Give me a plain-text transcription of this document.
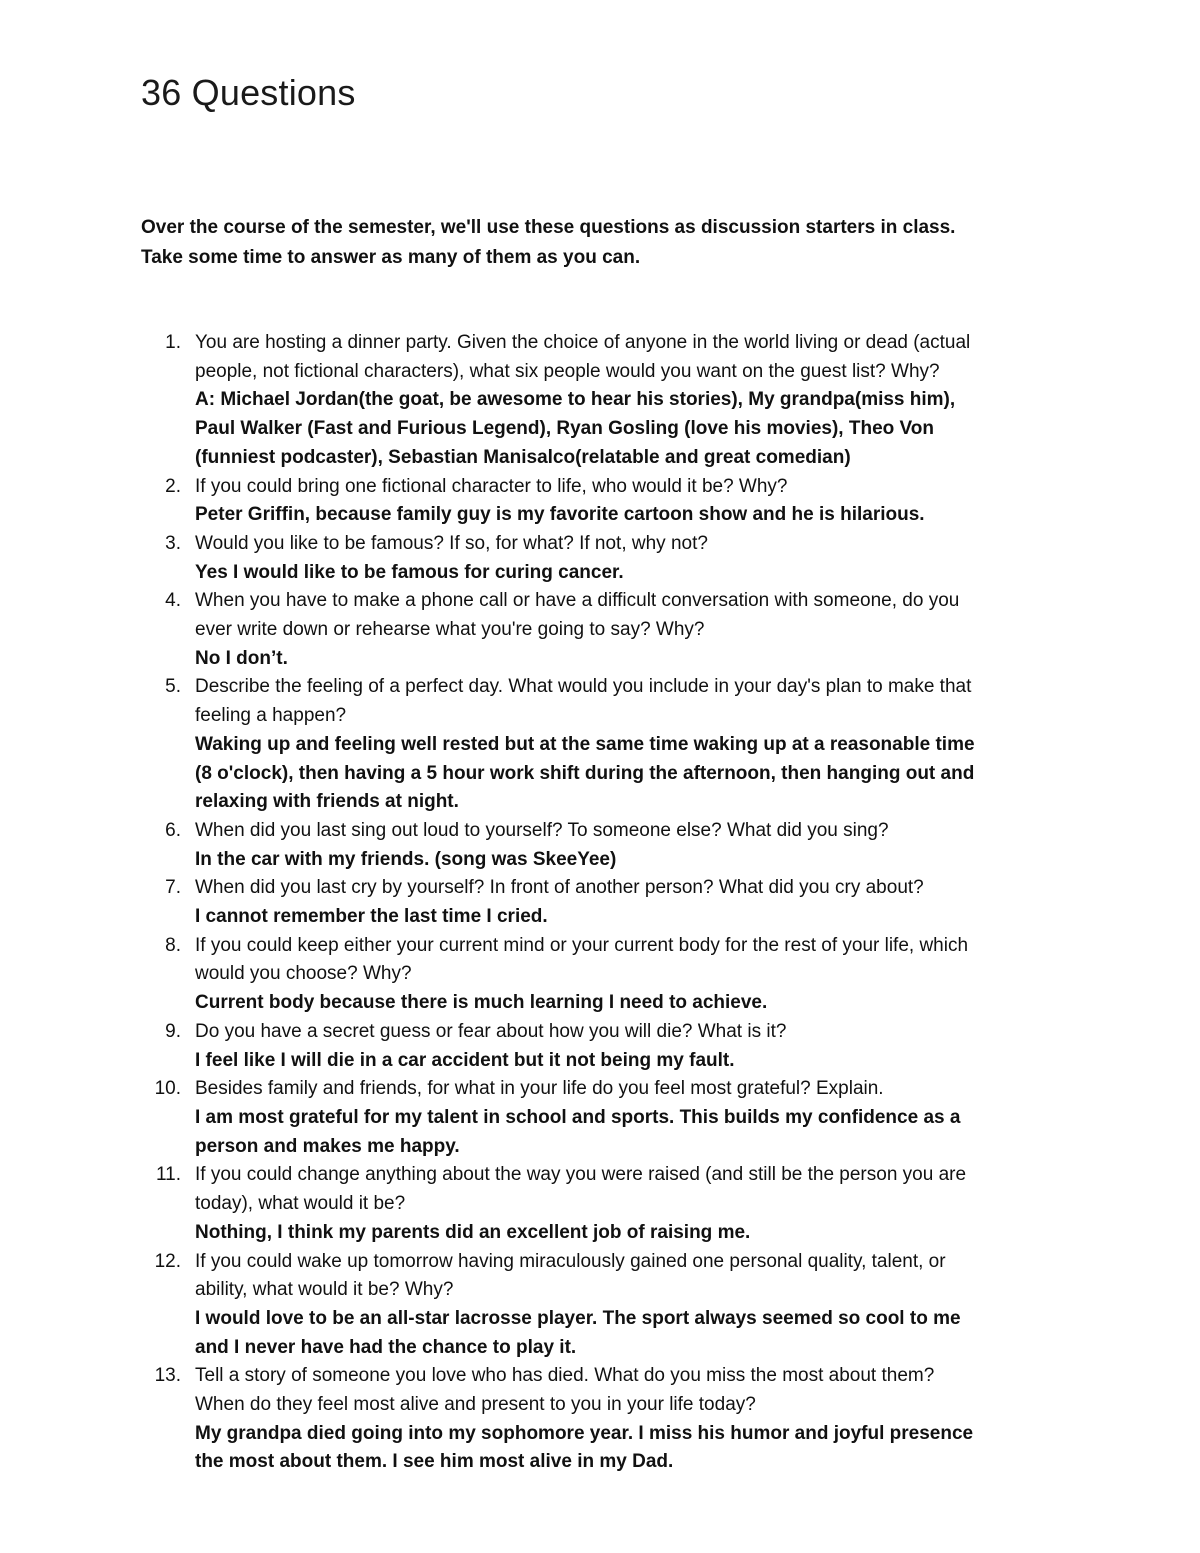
36 Questions

Over the course of the semester, we'll use these questions as discussion starters in class.

Take some time to answer as many of them as you can.

1. You are hosting a dinner party. Given the choice of anyone in the world living or dead (actual
people, not fictional characters), what six people would you want on the guest list? Why?
A: Michael Jordan(the goat, be awesome to hear his stories), My grandpa(miss him),
Paul Walker (Fast and Furious Legend), Ryan Gosling (love his movies), Theo Von
(funniest podcaster), Sebastian Manisalco(relatable and great comedian)
2. If you could bring one fictional character to life, who would it be? Why?
Peter Griffin, because family guy is my favorite cartoon show and he is hilarious.
3. Would you like to be famous? If so, for what? If not, why not?
Yes I would like to be famous for curing cancer.
4. When you have to make a phone call or have a difficult conversation with someone, do you
ever write down or rehearse what you're going to say? Why?
No I don’t.
5. Describe the feeling of a perfect day. What would you include in your day's plan to make that
feeling a happen?
Waking up and feeling well rested but at the same time waking up at a reasonable time
(8 o'clock), then having a 5 hour work shift during the afternoon, then hanging out and
relaxing with friends at night.
6. When did you last sing out loud to yourself? To someone else? What did you sing?
In the car with my friends. (song was SkeeYee)
7. When did you last cry by yourself? In front of another person? What did you cry about?
I cannot remember the last time I cried.
8. If you could keep either your current mind or your current body for the rest of your life, which
would you choose? Why?
Current body because there is much learning I need to achieve.
9. Do you have a secret guess or fear about how you will die? What is it?
I feel like I will die in a car accident but it not being my fault.
10. Besides family and friends, for what in your life do you feel most grateful? Explain.
I am most grateful for my talent in school and sports. This builds my confidence as a
person and makes me happy.
11. If you could change anything about the way you were raised (and still be the person you are
today), what would it be?
Nothing, I think my parents did an excellent job of raising me.
12. If you could wake up tomorrow having miraculously gained one personal quality, talent, or
ability, what would it be? Why?
I would love to be an all-star lacrosse player. The sport always seemed so cool to me
and I never have had the chance to play it.
13. Tell a story of someone you love who has died. What do you miss the most about them?
When do they feel most alive and present to you in your life today?
My grandpa died going into my sophomore year. I miss his humor and joyful presence
the most about them. I see him most alive in my Dad.
